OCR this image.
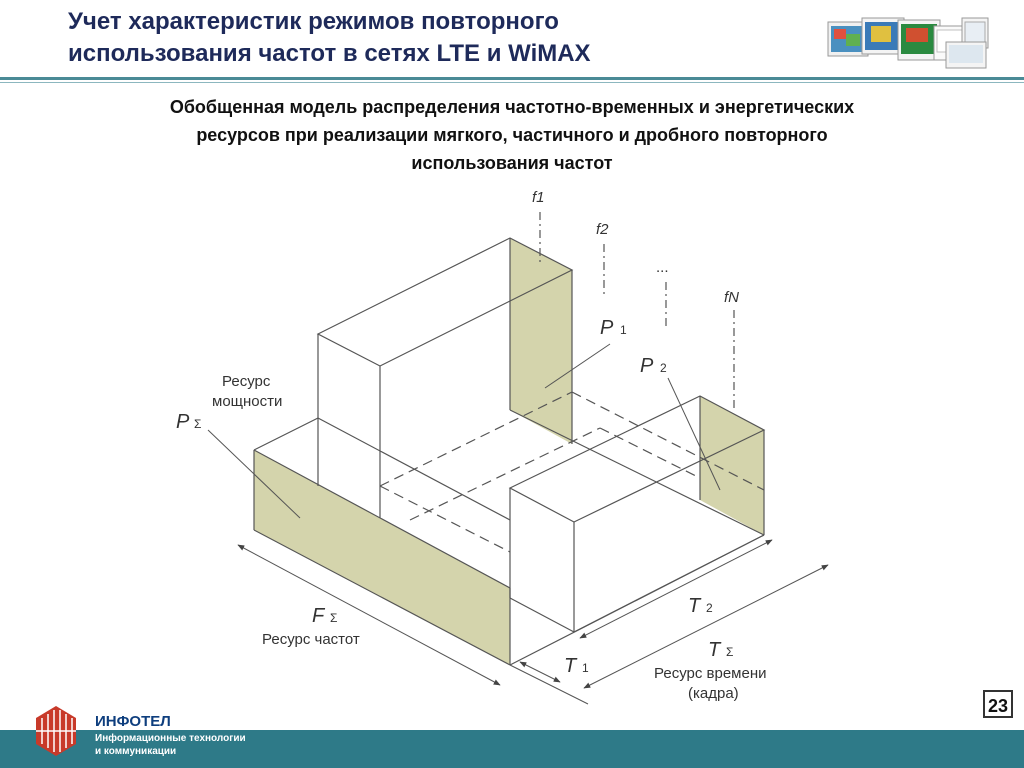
Учет характеристик режимов повторного
использования частот в сетях LTE и WiMAX
Обобщенная модель распределения частотно-временных и энергетических
ресурсов при реализации мягкого, частичного и дробного повторного
использования частот
f1
f2
...
fN
P 1
P 2
Ресурс
мощности
P Σ
F Σ
Ресурс частот
T 1
T 2
T Σ
Ресурс времени
(кадра)
23
ИНФОТЕЛ
Информационные технологии
и коммуникации
